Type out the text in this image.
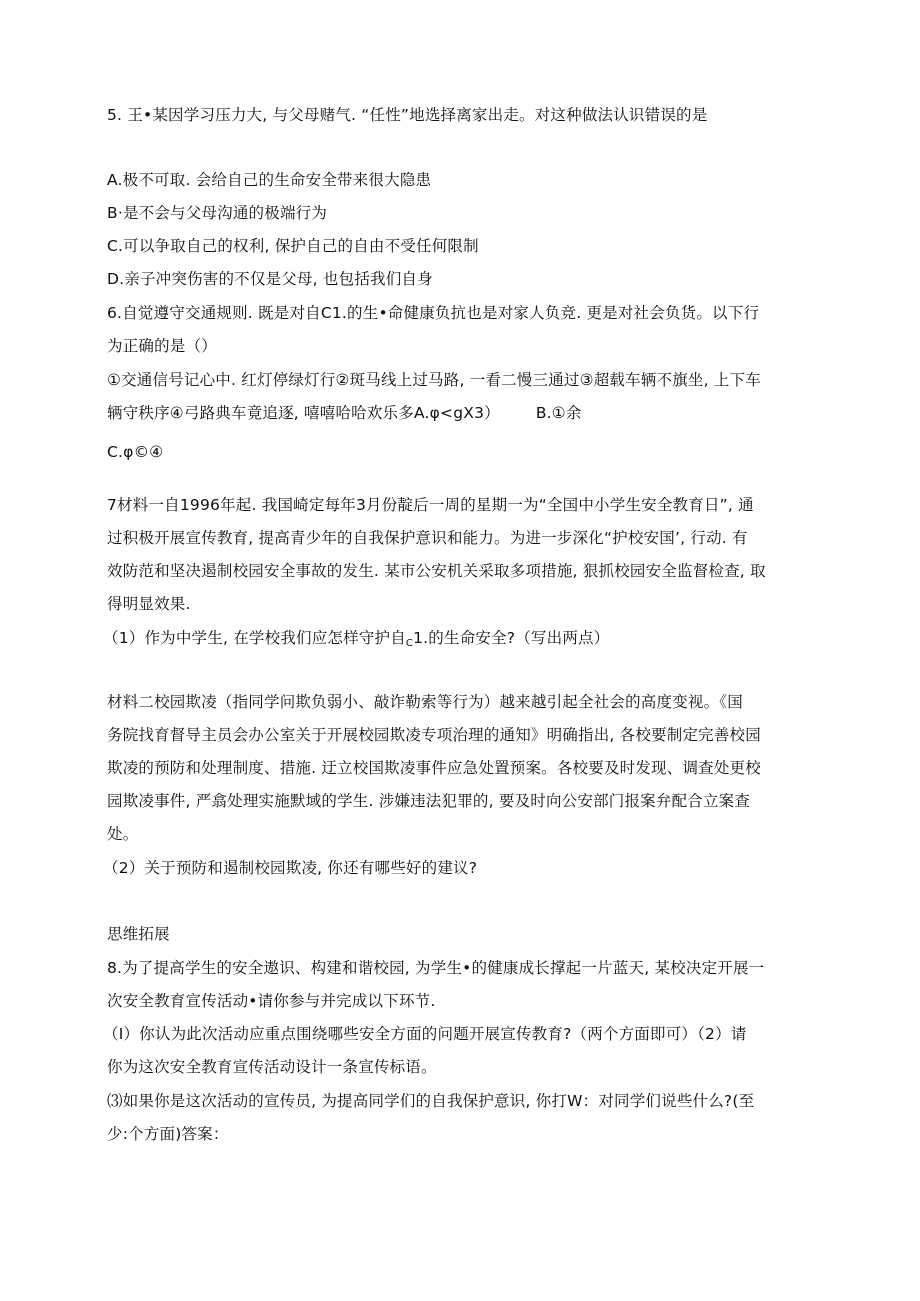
5. 王•某因学习压力大, 与父母赌气. “任性”地选择离家出走。对这种做法认识错误的是
A.极不可取. 会给自己的生命安全带来很大隐患
B·是不会与父母沟通的极端行为
C.可以争取自己的权利, 保护自己的自由不受任何限制
D.亲子冲突伤害的不仅是父母, 也包括我们自身
6.自觉遵守交通规则. 既是对自C1.的生•命健康负抗也是对家人负竞. 更是对社会负货。以下行
为正确的是（）
①交通信号记心中. 红灯停绿灯行②斑马线上过马路, 一看二慢三通过③超载车辆不旗坐, 上下车
辆守秩序④弓路典车竟追逐, 嘻嘻哈哈欢乐多A.φ<gX3） B.①余
C.φ©④
7材料一自1996年起. 我国崎定每年3月份靛后一周的星期一为“全国中小学生安全教育日”, 通
过积极开展宣传教育, 提高青少年的自我保护意识和能力。为进一步深化“护校安国’, 行动. 有
效防范和坚决遏制校园安全事故的发生. 某市公安机关采取多项措施, 狠抓校园安全监督检查, 取
得明显效果.
（1）作为中学生, 在学校我们应怎样守护自C1.的生命安全?（写出两点）
材料二校园欺凌（指同学问欺负弱小、敲诈勒索等行为）越来越引起全社会的高度变视。《国
务院找育督导主员会办公室关于开展校园欺凌专项治理的通知》明确指出, 各校要制定完善校园
欺凌的预防和处理制度、措施. 迂立校国欺凌事件应急处置预案。各校要及时发现、调查处更校
园欺凌事件, 严翕处理实施默域的学生. 涉嫌违法犯罪的, 要及时向公安部门报案弁配合立案查
处。
（2）关于预防和遏制校园欺凌, 你还有哪些好的建议?
思维拓展
8.为了提高学生的安全遨识、构建和谐校园, 为学生•的健康成长撑起一片蓝天, 某校决定开展一
次安全教育宣传活动•请你参与并完成以下环节.
（I）你认为此次活动应重点围绕哪些安全方面的问题开展宣传教育?（两个方面即可）（2）请
你为这次安全教育宣传活动设计一条宣传标语。
⑶如果你是这次活动的宣传员, 为提高同学们的自我保护意识, 你打W：对同学们说些什么?(至
少:个方面)答案：
